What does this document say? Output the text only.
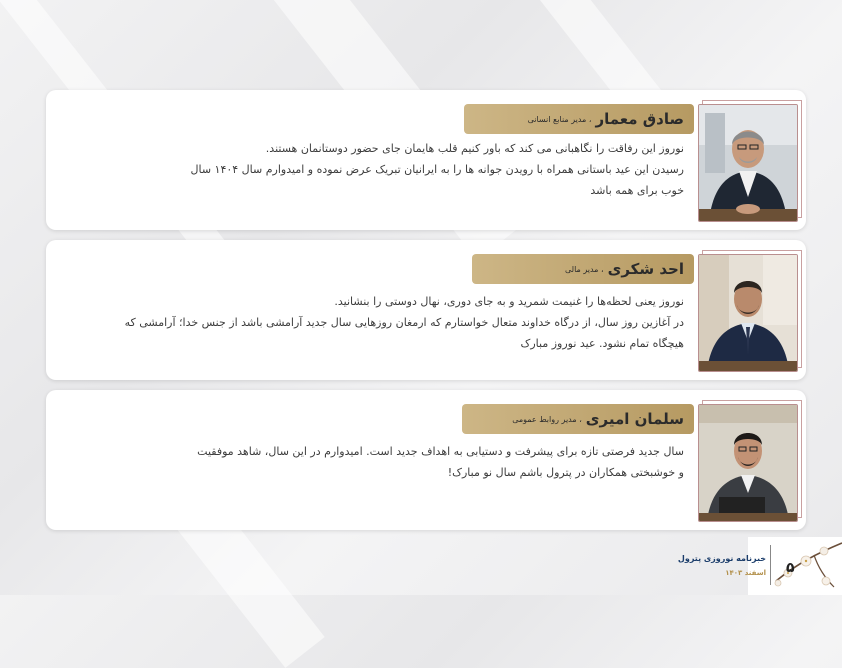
صادق معمار
، مدیر منابع انسانی
نوروز این رفاقت را نگاهبانی می کند که باور کنیم قلب هایمان جای حضور دوستانمان هستند.
رسیدن این عید باستانی همراه با رویدن جوانه ها را به ایرانیان تبریک عرض نموده و امیدوارم سال ۱۴۰۴ سال
خوب برای همه باشد
احد شکری
، مدیر مالی
نوروز یعنی لحظه‌ها را غنیمت شمرید و به جای دوری، نهال دوستی را بنشانید.
در آغازین روز سال، از درگاه خداوند متعال خواستارم که ارمغان روزهایی سال جدید آرامشی باشد از جنس خدا؛ آرامشی که
هیچگاه تمام نشود. عید نوروز مبارک
سلمان امیری
، مدیر روابط عمومی
سال جدید فرصتی تازه برای پیشرفت و دستیابی به اهداف جدید است. امیدوارم در این سال، شاهد موفقیت
و خوشبختی همکاران در پترول باشم سال نو مبارک!
۵
خبرنامه نوروزی پترول
اسفند ۱۴۰۳
